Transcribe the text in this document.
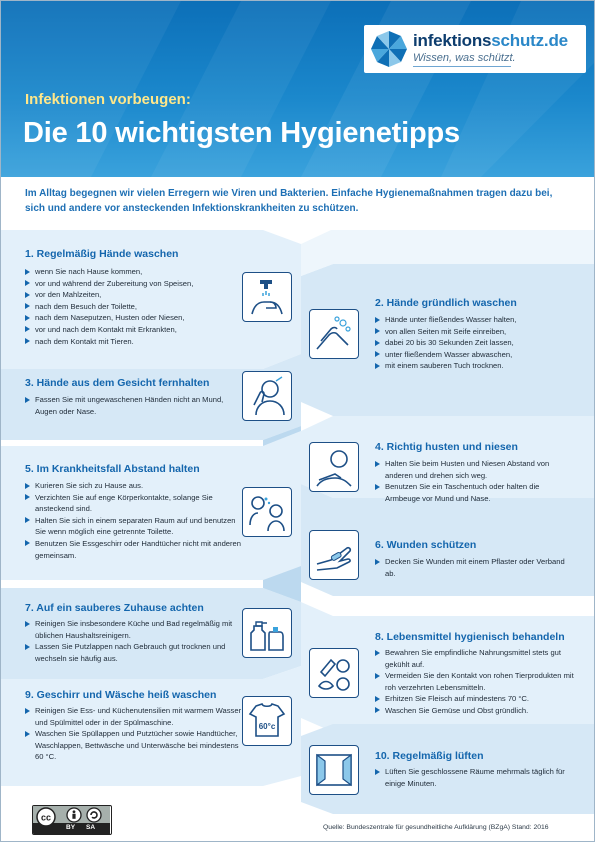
infektionsschutz.de
Wissen, was schützt.
Infektionen vorbeugen:
Die 10 wichtigsten Hygienetipps
Im Alltag begegnen wir vielen Erregern wie Viren und Bakterien. Einfache Hygienemaßnahmen tragen dazu bei, sich und andere vor ansteckenden Infektionskrankheiten zu schützen.
1. Regelmäßig Hände waschen
wenn Sie nach Hause kommen,
vor und während der Zubereitung von Speisen,
vor den Mahlzeiten,
nach dem Besuch der Toilette,
nach dem Naseputzen, Husten oder Niesen,
vor und nach dem Kontakt mit Erkrankten,
nach dem Kontakt mit Tieren.
2. Hände gründlich waschen
Hände unter fließendes Wasser halten,
von allen Seiten mit Seife einreiben,
dabei 20 bis 30 Sekunden Zeit lassen,
unter fließendem Wasser abwaschen,
mit einem sauberen Tuch trocknen.
3. Hände aus dem Gesicht fernhalten
Fassen Sie mit ungewaschenen Händen nicht an Mund, Augen oder Nase.
4. Richtig husten und niesen
Halten Sie beim Husten und Niesen Abstand von anderen und drehen sich weg.
Benutzen Sie ein Taschentuch oder halten die Armbeuge vor Mund und Nase.
5. Im Krankheitsfall Abstand halten
Kurieren Sie sich zu Hause aus.
Verzichten Sie auf enge Körperkontakte, solange Sie ansteckend sind.
Halten Sie sich in einem separaten Raum auf und benutzen Sie wenn möglich eine getrennte Toilette.
Benutzen Sie Essgeschirr oder Handtücher nicht mit anderen gemeinsam.
6. Wunden schützen
Decken Sie Wunden mit einem Pflaster oder Verband ab.
7. Auf ein sauberes Zuhause achten
Reinigen Sie insbesondere Küche und Bad regelmäßig mit üblichen Haushaltsreinigern.
Lassen Sie Putzlappen nach Gebrauch gut trocknen und wechseln sie häufig aus.
8. Lebensmittel hygienisch behandeln
Bewahren Sie empfindliche Nahrungsmittel stets gut gekühlt auf.
Vermeiden Sie den Kontakt von rohen Tierprodukten mit roh verzehrten Lebensmitteln.
Erhitzen Sie Fleisch auf mindestens 70 °C.
Waschen Sie Gemüse und Obst gründlich.
9. Geschirr und Wäsche heiß waschen
Reinigen Sie Ess- und Küchenutensilien mit warmem Wasser und Spülmittel oder in der Spülmaschine.
Waschen Sie Spüllappen und Putztücher sowie Handtücher, Waschlappen, Bettwäsche und Unterwäsche bei mindestens 60 °C.
60°c
10. Regelmäßig lüften
Lüften Sie geschlossene Räume mehrmals täglich für einige Minuten.
cc
BY SA	Quelle: Bundeszentrale für gesundheitliche Aufklärung (BZgA) Stand: 2016
